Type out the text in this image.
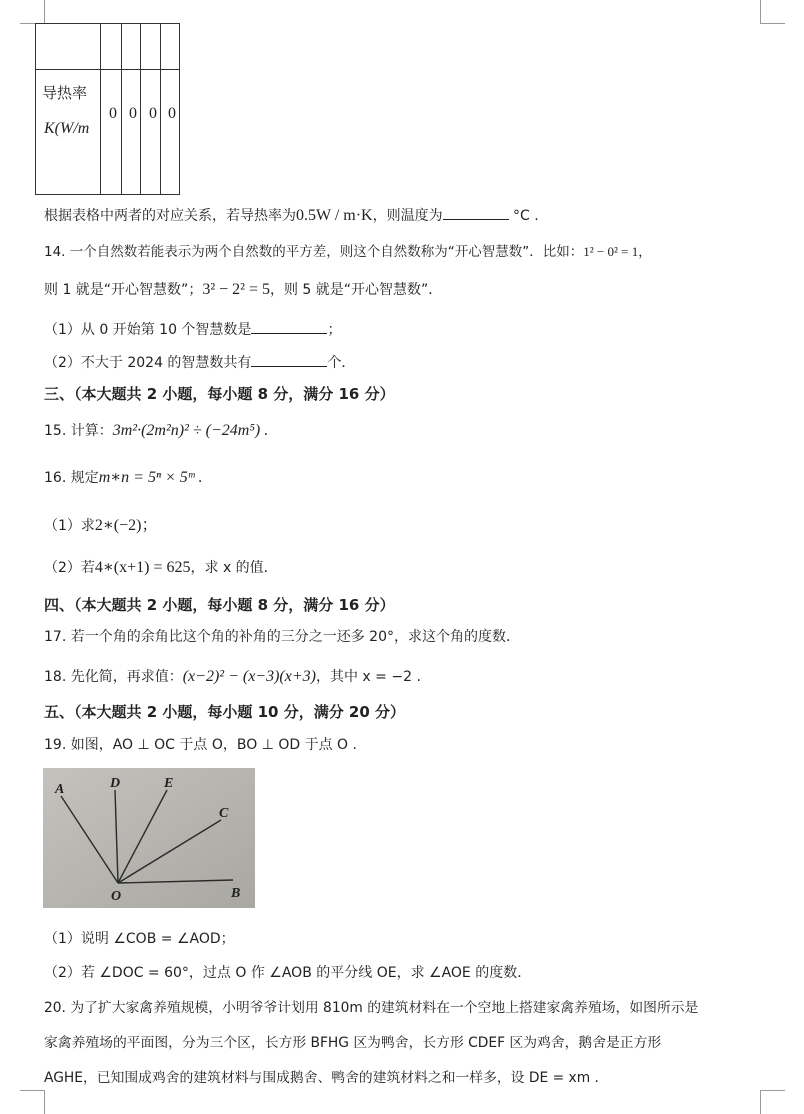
导热率
K(W/m
0 0 0 0
根据表格中两者的对应关系，若导热率为0.5W / m·K，则温度为	°C .
14. 一个自然数若能表示为两个自然数的平方差，则这个自然数称为“开心智慧数”．比如：1² − 0² = 1，
则 1 就是“开心智慧数”；3² − 2² = 5，则 5 就是“开心智慧数”．
（1）从 0 开始第 10 个智慧数是	；
（2）不大于 2024 的智慧数共有	个．
三、（本大题共 2 小题，每小题 8 分，满分 16 分）
15. 计算：3m²·(2m²n)² ÷ (−24m⁵) .
16. 规定m∗n = 5ⁿ × 5ᵐ .
（1）求2∗(−2)；
（2）若4∗(x+1) = 625，求 x 的值．
四、（本大题共 2 小题，每小题 8 分，满分 16 分）
17. 若一个角的余角比这个角的补角的三分之一还多 20°，求这个角的度数．
18. 先化简，再求值：(x−2)² − (x−3)(x+3)，其中 x = −2 .
五、（本大题共 2 小题，每小题 10 分，满分 20 分）
19. 如图，AO ⊥ OC 于点 O，BO ⊥ OD 于点 O .
A	D	E
C
O	B
（1）说明 ∠COB = ∠AOD；
（2）若 ∠DOC = 60°，过点 O 作 ∠AOB 的平分线 OE，求 ∠AOE 的度数．
20. 为了扩大家禽养殖规模，小明爷爷计划用 810m 的建筑材料在一个空地上搭建家禽养殖场，如图所示是
家禽养殖场的平面图，分为三个区，长方形 BFHG 区为鸭舍，长方形 CDEF 区为鸡舍，鹅舍是正方形
AGHE，已知围成鸡舍的建筑材料与围成鹅舍、鸭舍的建筑材料之和一样多，设 DE = xm .
